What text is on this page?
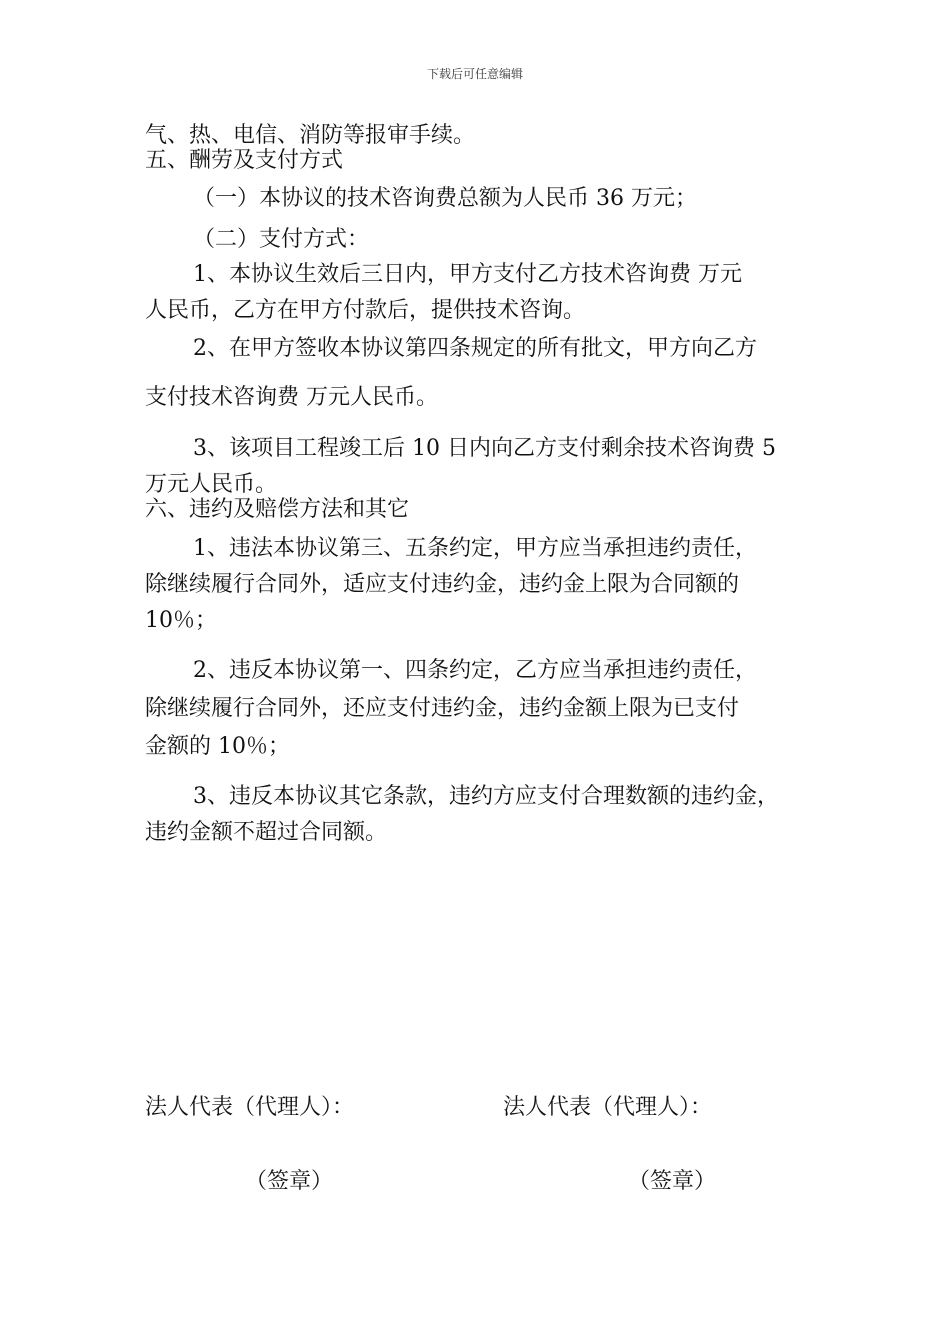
下载后可任意编辑
气、热、电信、消防等报审手续。
五、酬劳及支付方式
（一）本协议的技术咨询费总额为人民币 36 万元；
（二）支付方式：
1、本协议生效后三日内，甲方支付乙方技术咨询费 万元
人民币，乙方在甲方付款后，提供技术咨询。
2、在甲方签收本协议第四条规定的所有批文，甲方向乙方
支付技术咨询费 万元人民币。
3、该项目工程竣工后 10 日内向乙方支付剩余技术咨询费 5
万元人民币。
六、违约及赔偿方法和其它
1、违法本协议第三、五条约定，甲方应当承担违约责任，
除继续履行合同外，适应支付违约金，违约金上限为合同额的
10％；
2、违反本协议第一、四条约定，乙方应当承担违约责任，
除继续履行合同外，还应支付违约金，违约金额上限为已支付
金额的 10％；
3、违反本协议其它条款，违约方应支付合理数额的违约金，
违约金额不超过合同额。
法人代表（代理人）：	法人代表（代理人）：
（签章）	（签章）
